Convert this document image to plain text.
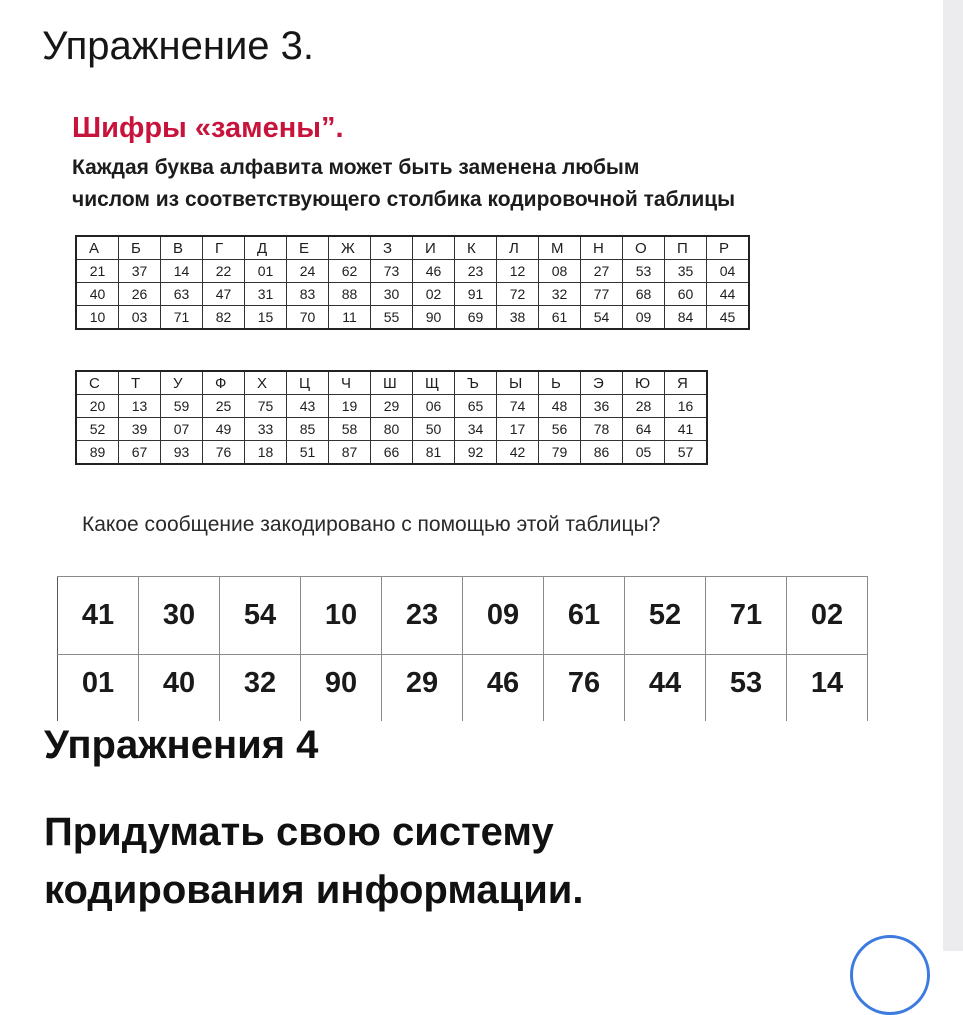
Упражнение 3.
Шифры «замены”.

Каждая буква алфавита может быть заменена любым
числом из соответствующего столбика кодировочной таблицы

А	Б	В	Г	Д	Е	Ж	З	И	К	Л	М	Н	О	П	Р
21	37	14	22	01	24	62	73	46	23	12	08	27	53	35	04
40	26	63	47	31	83	88	30	02	91	72	32	77	68	60	44
10	03	71	82	15	70	11	55	90	69	38	61	54	09	84	45
С	Т	У	Ф	Х	Ц	Ч	Ш	Щ	Ъ	Ы	Ь	Э	Ю	Я
20	13	59	25	75	43	19	29	06	65	74	48	36	28	16
52	39	07	49	33	85	58	80	50	34	17	56	78	64	41
89	67	93	76	18	51	87	66	81	92	42	79	86	05	57

Какое сообщение закодировано с помощью этой таблицы?

41	30	54	10	23	09	61	52	71	02
01	40	32	90	29	46	76	44	53	14
Упражнения 4

Придумать свою систему
кодирования информации.
